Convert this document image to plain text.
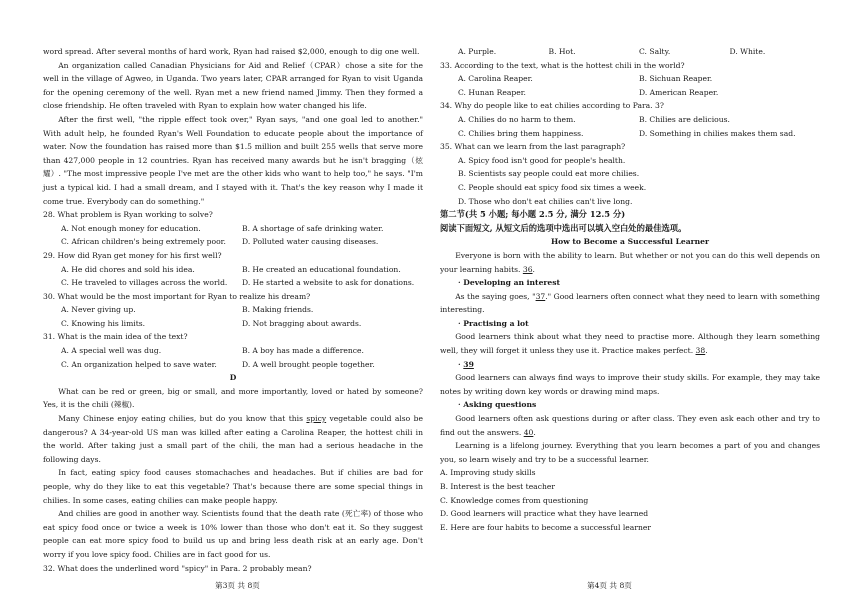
word spread. After several months of hard work, Ryan had raised $2,000, enough to dig one well.
An organization called Canadian Physicians for Aid and Relief（CPAR）chose a site for the well in the village of Agweo, in Uganda. Two years later, CPAR arranged for Ryan to visit Uganda for the opening ceremony of the well. Ryan met a new friend named Jimmy. Then they formed a close friendship. He often traveled with Ryan to explain how water changed his life.
After the first well, "the ripple effect took over," Ryan says, "and one goal led to another." With adult help, he founded Ryan's Well Foundation to educate people about the importance of water. Now the foundation has raised more than $1.5 million and built 255 wells that serve more than 427,000 people in 12 countries. Ryan has received many awards but he isn't bragging（炫耀）. "The most impressive people I've met are the other kids who want to help too," he says. "I'm just a typical kid. I had a small dream, and I stayed with it. That's the key reason why I made it come true. Everybody can do something."
28. What problem is Ryan working to solve?
A. Not enough money for education.	B. A shortage of safe drinking water.
C. African children's being extremely poor.	D. Polluted water causing diseases.
29. How did Ryan get money for his first well?
A. He did chores and sold his idea.	B. He created an educational foundation.
C. He traveled to villages across the world.	D. He started a website to ask for donations.
30. What would be the most important for Ryan to realize his dream?
A. Never giving up.	B. Making friends.
C. Knowing his limits.	D. Not bragging about awards.
31. What is the main idea of the text?
A. A special well was dug.	B. A boy has made a difference.
C. An organization helped to save water.	D. A well brought people together.
D
What can be red or green, big or small, and more importantly, loved or hated by someone? Yes, it is the chili (辣椒).
Many Chinese enjoy eating chilies, but do you know that this spicy vegetable could also be dangerous? A 34-year-old US man was killed after eating a Carolina Reaper, the hottest chili in the world. After taking just a small part of the chili, the man had a serious headache in the following days.
In fact, eating spicy food causes stomachaches and headaches. But if chilies are bad for people, why do they like to eat this vegetable? That's because there are some special things in chilies. In some cases, eating chilies can make people happy.
And chilies are good in another way. Scientists found that the death rate (死亡率) of those who eat spicy food once or twice a week is 10% lower than those who don't eat it. So they suggest people can eat more spicy food to build us up and bring less death risk at an early age. Don't worry if you love spicy food. Chilies are in fact good for us.
32. What does the underlined word "spicy" in Para. 2 probably mean?
A. Purple.	B. Hot.	C. Salty.	D. White.
33. According to the text, what is the hottest chili in the world?
A. Carolina Reaper.	B. Sichuan Reaper.
C. Hunan Reaper.	D. American Reaper.
34. Why do people like to eat chilies according to Para. 3?
A. Chilies do no harm to them.	B. Chilies are delicious.
C. Chilies bring them happiness.	D. Something in chilies makes them sad.
35. What can we learn from the last paragraph?
A. Spicy food isn't good for people's health.
B. Scientists say people could eat more chilies.
C. People should eat spicy food six times a week.
D. Those who don't eat chilies can't live long.
第二节(共 5 小题; 每小题 2.5 分, 满分 12.5 分)
阅读下面短文, 从短文后的选项中选出可以填入空白处的最佳选项。
How to Become a Successful Learner
Everyone is born with the ability to learn. But whether or not you can do this well depends on your learning habits. 36.
· Developing an interest
As the saying goes, "37." Good learners often connect what they need to learn with something interesting.
· Practising a lot
Good learners think about what they need to practise more. Although they learn something well, they will forget it unless they use it. Practice makes perfect. 38.
· 39
Good learners can always find ways to improve their study skills. For example, they may take notes by writing down key words or drawing mind maps.
· Asking questions
Good learners often ask questions during or after class. They even ask each other and try to find out the answers. 40.
Learning is a lifelong journey. Everything that you learn becomes a part of you and changes you, so learn wisely and try to be a successful learner.
A. Improving study skills
B. Interest is the best teacher
C. Knowledge comes from questioning
D. Good learners will practice what they have learned
E. Here are four habits to become a successful learner
第3页 共 8页	第4页 共 8页
